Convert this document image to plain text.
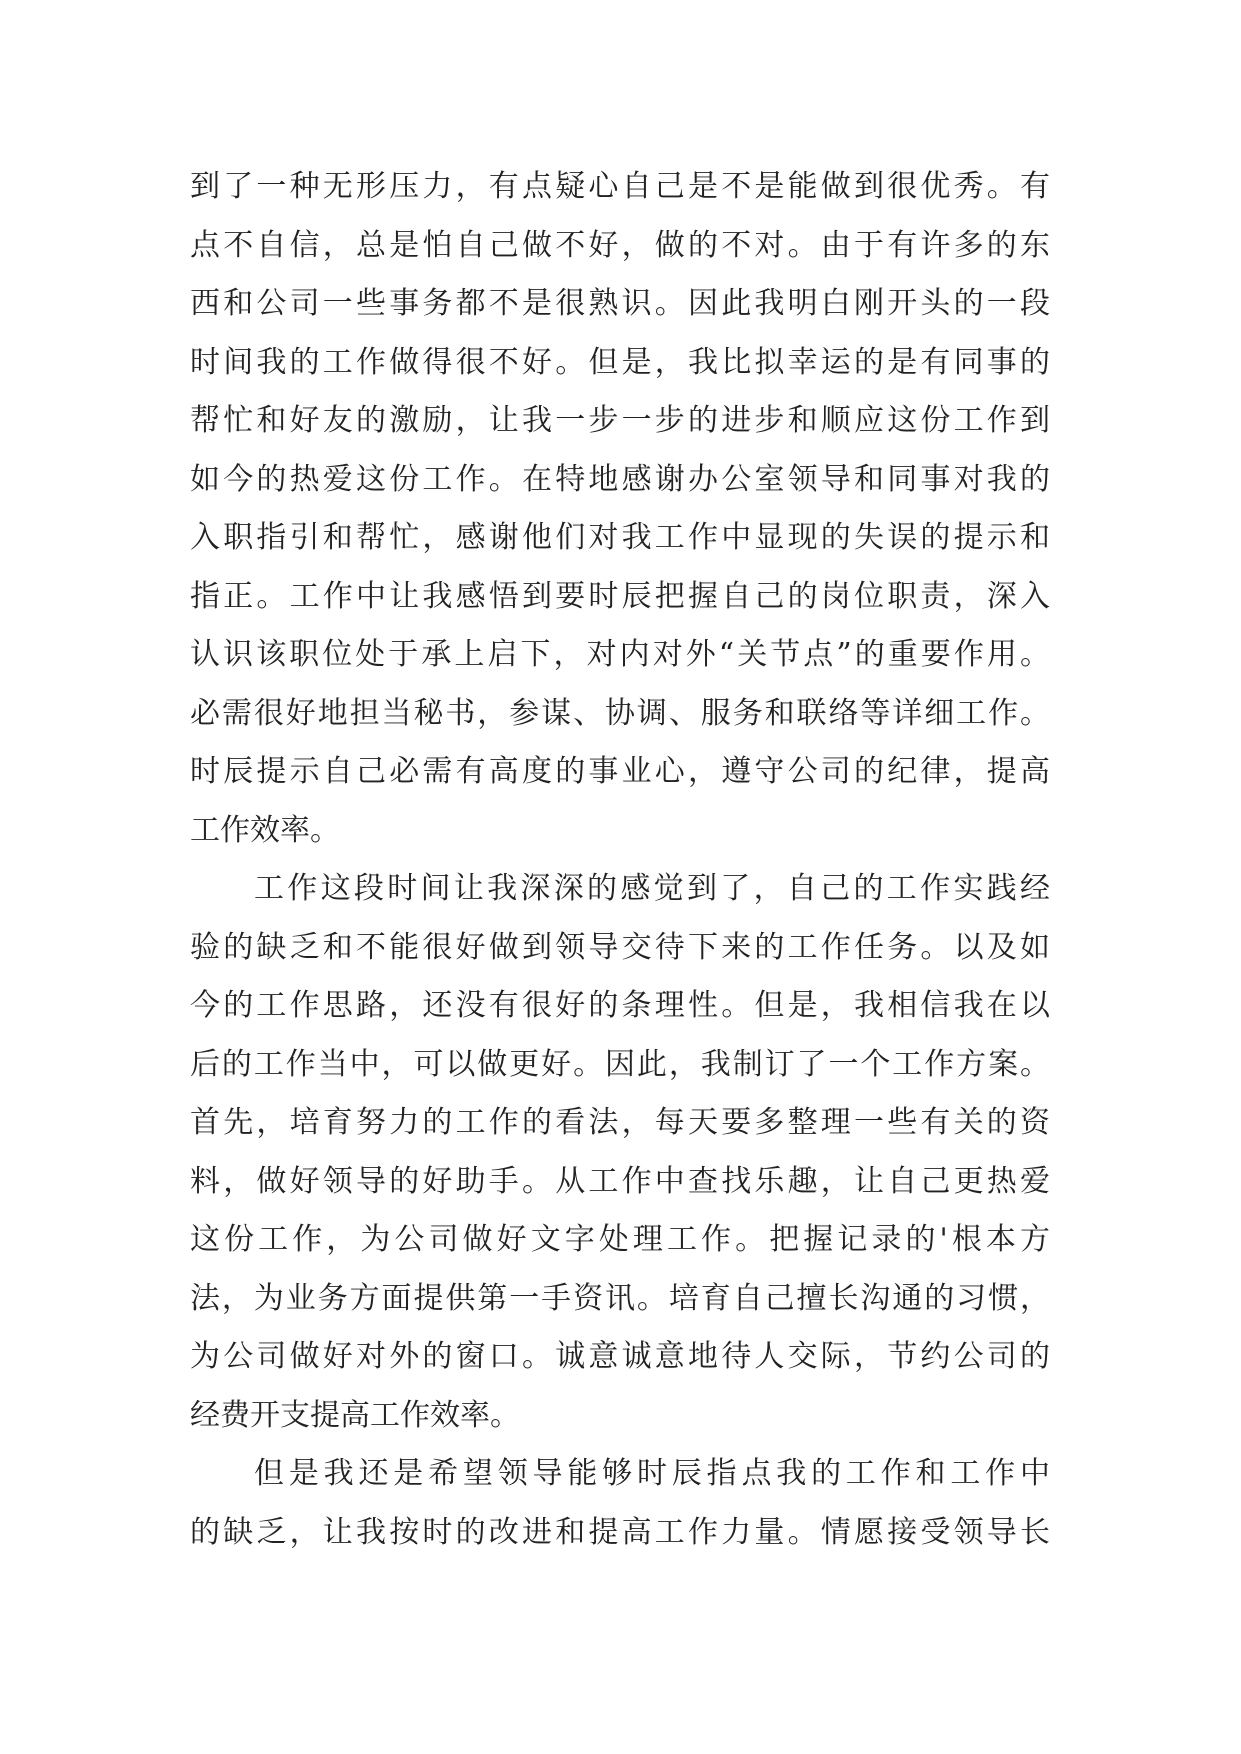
到了一种无形压力，有点疑心自己是不是能做到很优秀。有
点不自信，总是怕自己做不好，做的不对。由于有许多的东
西和公司一些事务都不是很熟识。因此我明白刚开头的一段
时间我的工作做得很不好。但是，我比拟幸运的是有同事的
帮忙和好友的激励，让我一步一步的进步和顺应这份工作到
如今的热爱这份工作。在特地感谢办公室领导和同事对我的
入职指引和帮忙，感谢他们对我工作中显现的失误的提示和
指正。工作中让我感悟到要时辰把握自己的岗位职责，深入
认识该职位处于承上启下，对内对外“关节点”的重要作用。
必需很好地担当秘书，参谋、协调、服务和联络等详细工作。
时辰提示自己必需有高度的事业心，遵守公司的纪律，提高
工作效率。
工作这段时间让我深深的感觉到了，自己的工作实践经
验的缺乏和不能很好做到领导交待下来的工作任务。以及如
今的工作思路，还没有很好的条理性。但是，我相信我在以
后的工作当中，可以做更好。因此，我制订了一个工作方案。
首先，培育努力的工作的看法，每天要多整理一些有关的资
料，做好领导的好助手。从工作中查找乐趣，让自己更热爱
这份工作，为公司做好文字处理工作。把握记录的'根本方
法，为业务方面提供第一手资讯。培育自己擅长沟通的习惯，
为公司做好对外的窗口。诚意诚意地待人交际，节约公司的
经费开支提高工作效率。
但是我还是希望领导能够时辰指点我的工作和工作中
的缺乏，让我按时的改进和提高工作力量。情愿接受领导长
